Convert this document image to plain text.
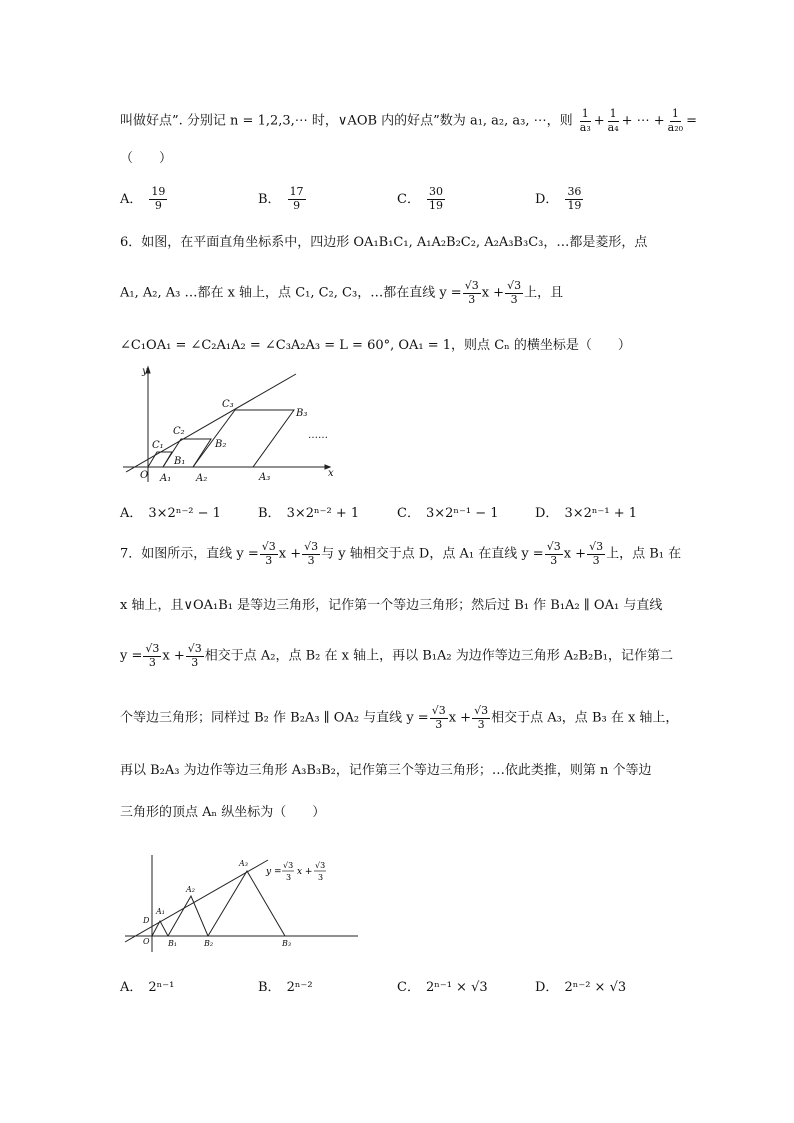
叫做好点”. 分别记 n = 1,2,3,⋯ 时，∨AOB 内的好点”数为 a₁, a₂, a₃, ⋯，则 $\frac{1}{\text{a₃}} + \frac{1}{\text{a₄}}$ + ⋯ + $\frac{1}{\text{a₂₀}}$ =
（　　）
A． $\frac{19}{9}$	B． $\frac{17}{9}$	C． $\frac{30}{19}$	D． $\frac{36}{19}$
6．如图，在平面直角坐标系中，四边形 OA₁B₁C₁, A₁A₂B₂C₂, A₂A₃B₃C₃，…都是菱形，点
A₁, A₂, A₃ …都在 x 轴上，点 C₁, C₂, C₃，…都在直线 $y = \frac{√3}{3}$ $x + \frac{√3}{3}$ 上，且
∠C₁OA₁ = ∠C₂A₁A₂ = ∠C₃A₂A₃ = L = 60°, OA₁ = 1，则点 Cₙ 的横坐标是（　　）
y
x
O A₁ A₂	A₃
B₁
B₂
B₃
C₁
C₂
C₃
……
A． 3×2ⁿ⁻² − 1	B． 3×2ⁿ⁻² + 1	C． 3×2ⁿ⁻¹ − 1	D． 3×2ⁿ⁻¹ + 1
7．如图所示，直线 $y = \frac{√3}{3}$ $x + \frac{√3}{3}$ 与 y 轴相交于点 D，点 A₁ 在直线 $y = \frac{√3}{3}$ $x + \frac{√3}{3}$ 上，点 B₁ 在
x 轴上，且∨OA₁B₁ 是等边三角形，记作第一个等边三角形；然后过 B₁ 作 B₁A₂ ∥ OA₁ 与直线
$y = \frac{√3}{3}$ $x + \frac{√3}{3}$ 相交于点 A₂，点 B₂ 在 x 轴上，再以 B₁A₂ 为边作等边三角形 A₂B₂B₁，记作第二
个等边三角形；同样过 B₂ 作 B₂A₃ ∥ OA₂ 与直线 $y = \frac{√3}{3}$ $x + \frac{√3}{3}$ 相交于点 A₃，点 B₃ 在 x 轴上，
再以 B₂A₃ 为边作等边三角形 A₃B₃B₂，记作第三个等边三角形；…依此类推，则第 n 个等边
三角形的顶点 Aₙ 纵坐标为（　　）
O
D
A₁
A₂
A₃
B₁	B₂	B₃
y =
√3
3
x +
√3
3
A． 2ⁿ⁻¹	B． 2ⁿ⁻²	C． 2ⁿ⁻¹ × √3	D． 2ⁿ⁻² × √3
